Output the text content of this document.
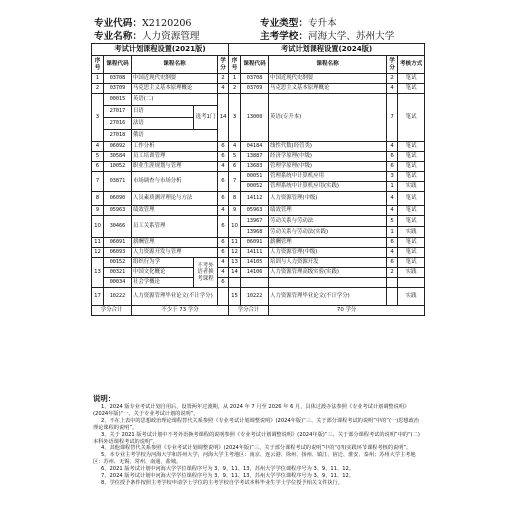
专业代码：X2120206	专业类型：专升本
专业名称：人力资源管理	主考学校：河海大学、苏州大学
考试计划课程设置(2021版)					考试计划课程设置(2024版)				
序号	课程代码	课程名称		学分	序号	课程代码	课程名称	学分	考核方式
1	03708	中国近现代史纲要		2	1	03708	中国近现代史纲要	2	笔试
2	03709	马克思主义基本原理概论		4	2	03709	马克思主义基本原理概论	4	笔试
3	00015	英语(二)		14	3	13000	英语(专升本)	7	笔试
	27017	日语	选考1门						
	27016	法语							
	27018	俄语							
4	06092	工作分析		6	4	04184	线性代数(经管类)	4	笔试
5	30584	员工培训管理		6	5	13887	经济学原理(中级)	6	笔试
6	10052	职业生涯规划与管理		4	6	13683	管理学原理(中级)	6	笔试
7	03871	市场调查与市场分析		6	7	00051	管理系统中计算机应用	3	笔试
						00052	管理系统中计算机应用(实践)	1	实践
8	06090	人员素质测评理论与方法		6	8	14112	人力资源管理(中级)	4	笔试
9	05963	绩效管理		4	9	05963	绩效管理	4	笔试
10	30466	员工关系管理		6	10	13967	劳动关系与劳动法	5	笔试
						13968	劳动关系与劳动法(实践)	1	实践
11	06091	薪酬管理		6	11	06091	薪酬管理	6	笔试
12	06093	人力资源开发与管理		6	12	14111	人力资源管理(中级)	4	笔试
13	00152	组织行为学	不考外语者换考课程	4	13	14105	培训与人力资源开发	6	笔试
	00321	中国文化概论		4	14	14106	人力资源管理高级实验(实践)	2	实践
	00034	社会学概论		6					
17	10222	人力资源管理毕业论文(不计学分)			15	10222	人力资源管理毕业论文(不计学分)		实践
学分合计		不少于 73 学分			学分合计		70 学分		
说明：

1、2024 版专业考试计划自用后，设置两年过渡期，从 2024 年 7 月至 2026 年 6 月，具体过渡办法参照《专业考试计划调整说明》(2024年版)“一、关于专业考试计划的说明”。

2、不在上表中的思想政治理论课程替代关系参照《专业考试计划调整说明》(2024年版)“三、关于部分课程考试的说明”中的“(一)思想政治理论课程的说明”。

3、关于 2021 版考试计划中不考外语换考课程的说明参照《专业考试计划调整说明》(2024年版)“三、关于部分课程考试的说明”中的“(二)本科外语课程考试的说明”。

4、其他课程替代关系参照《专业考试计划调整说明》(2024年版)“三、关于部分课程考试的说明”中的“(四)实践环节课程考核的说明”。

5、本专业主考学校为河海大学和苏州大学，河海大学主考地区：南京、连云港、徐州、扬州、镇江、宿迁、淮安、泰州；苏州大学主考地区：苏州、无锡、常州、南通、盐城。

6、2021 版考试计划中河海大学学位课程序号为 3、9、11、13，苏州大学学位课程序号为 3、9、11、12。

7、2024 版考试计划中河海大学学位课程序号为 3、9、11、13，苏州大学学位课程序号为 3、9、11、12。

8、学位授予条件按照主考学校申请学士学位的主考学校自学考试本科毕业生学士学位授予相关文件执行。
